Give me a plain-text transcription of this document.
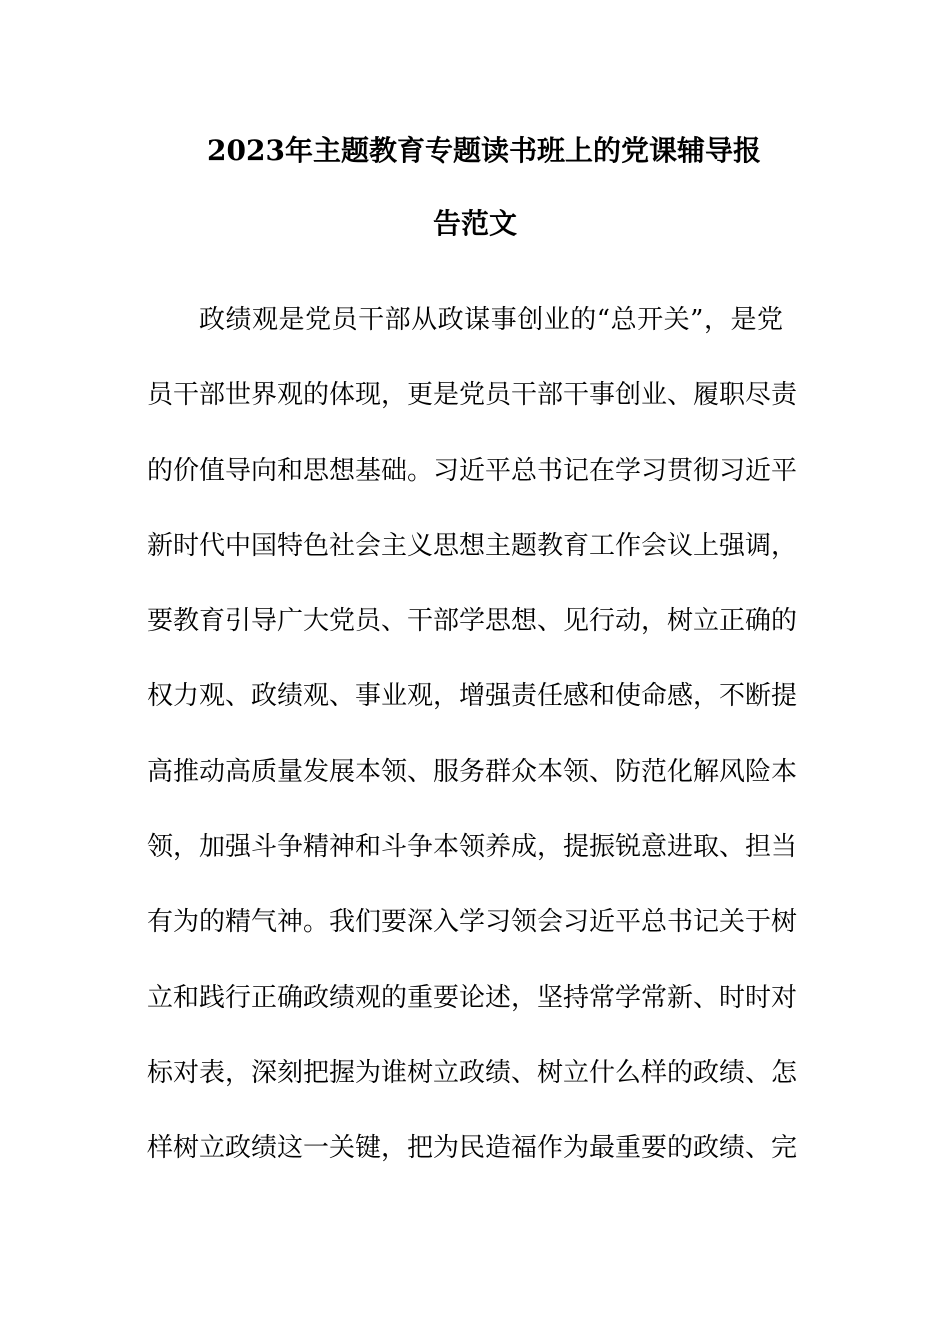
2023年主题教育专题读书班上的党课辅导报
告范文
政绩观是党员干部从政谋事创业的“总开关”，是党
员干部世界观的体现，更是党员干部干事创业、履职尽责
的价值导向和思想基础。习近平总书记在学习贯彻习近平
新时代中国特色社会主义思想主题教育工作会议上强调，
要教育引导广大党员、干部学思想、见行动，树立正确的
权力观、政绩观、事业观，增强责任感和使命感，不断提
高推动高质量发展本领、服务群众本领、防范化解风险本
领，加强斗争精神和斗争本领养成，提振锐意进取、担当
有为的精气神。我们要深入学习领会习近平总书记关于树
立和践行正确政绩观的重要论述，坚持常学常新、时时对
标对表，深刻把握为谁树立政绩、树立什么样的政绩、怎
样树立政绩这一关键，把为民造福作为最重要的政绩、完
